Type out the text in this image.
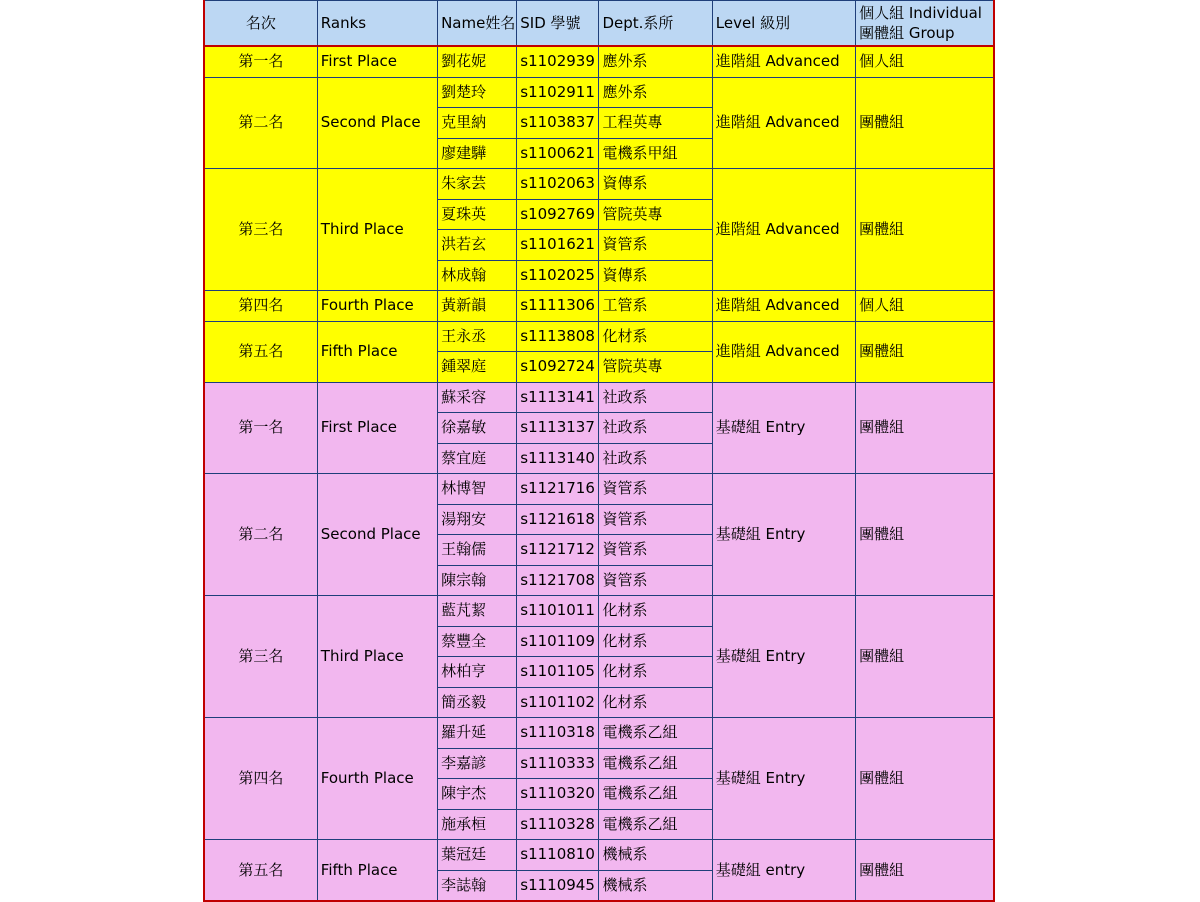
名次	Ranks	Name姓名	SID 學號	Dept.系所	Level 級別	個人組 Individual
團體組 Group

第一名	First Place	劉花妮	s1102939	應外系	進階組 Advanced	個人組
第二名	Second Place	劉楚玲	s1102911	應外系	進階組 Advanced	團體組
		克里納	s1103837	工程英專		
		廖建驊	s1100621	電機系甲組		
第三名	Third Place	朱家芸	s1102063	資傳系	進階組 Advanced	團體組
		夏珠英	s1092769	管院英專		
		洪若玄	s1101621	資管系		
		林成翰	s1102025	資傳系		
第四名	Fourth Place	黃新韻	s1111306	工管系	進階組 Advanced	個人組
第五名	Fifth Place	王永丞	s1113808	化材系	進階組 Advanced	團體組
		鍾翠庭	s1092724	管院英專		
第一名	First Place	蘇采容	s1113141	社政系	基礎組 Entry	團體組
		徐嘉敏	s1113137	社政系		
		蔡宜庭	s1113140	社政系		
第二名	Second Place	林博智	s1121716	資管系	基礎組 Entry	團體組
		湯翔安	s1121618	資管系		
		王翰儒	s1121712	資管系		
		陳宗翰	s1121708	資管系		
第三名	Third Place	藍芃絜	s1101011	化材系	基礎組 Entry	團體組
		蔡豐全	s1101109	化材系		
		林柏亨	s1101105	化材系		
		簡丞毅	s1101102	化材系		
第四名	Fourth Place	羅升延	s1110318	電機系乙組	基礎組 Entry	團體組
		李嘉諺	s1110333	電機系乙組		
		陳宇杰	s1110320	電機系乙組		
		施承桓	s1110328	電機系乙組		
第五名	Fifth Place	葉冠廷	s1110810	機械系	基礎組 entry	團體組
		李誌翰	s1110945	機械系		
